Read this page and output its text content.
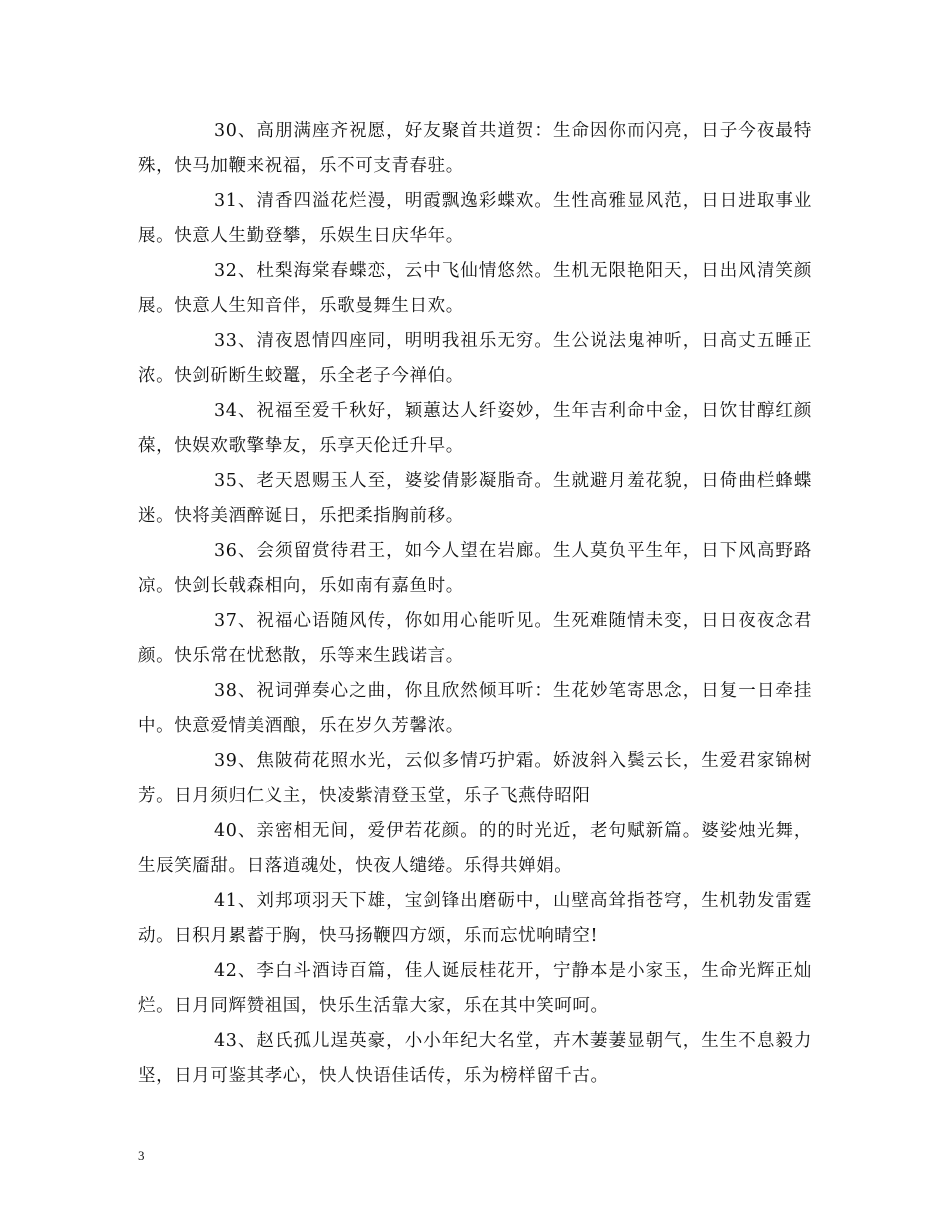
30、高朋满座齐祝愿，好友聚首共道贺：生命因你而闪亮，日子今夜最特殊，快马加鞭来祝福，乐不可支青春驻。

31、清香四溢花烂漫，明霞飘逸彩蝶欢。生性高雅显风范，日日进取事业展。快意人生勤登攀，乐娱生日庆华年。

32、杜梨海棠春蝶恋，云中飞仙情悠然。生机无限艳阳天，日出风清笑颜展。快意人生知音伴，乐歌曼舞生日欢。

33、清夜恩情四座同，明明我祖乐无穷。生公说法鬼神听，日高丈五睡正浓。快剑斫断生蛟鼍，乐全老子今禅伯。

34、祝福至爱千秋好，颖蕙达人纤姿妙，生年吉利命中金，日饮甘醇红颜葆，快娱欢歌擎挚友，乐享天伦迁升早。

35、老天恩赐玉人至，婆娑倩影凝脂奇。生就避月羞花貌，日倚曲栏蜂蝶迷。快将美酒醉诞日，乐把柔指胸前移。

36、会须留赏待君王，如今人望在岩廊。生人莫负平生年，日下风高野路凉。快剑长戟森相向，乐如南有嘉鱼时。

37、祝福心语随风传，你如用心能听见。生死难随情未变，日日夜夜念君颜。快乐常在忧愁散，乐等来生践诺言。

38、祝词弹奏心之曲，你且欣然倾耳听：生花妙笔寄思念，日复一日牵挂中。快意爱情美酒酿，乐在岁久芳馨浓。

39、焦陂荷花照水光，云似多情巧护霜。娇波斜入鬓云长，生爱君家锦树芳。日月须归仁义主，快凌紫清登玉堂，乐子飞燕侍昭阳

40、亲密相无间，爱伊若花颜。的的时光近，老句赋新篇。婆娑烛光舞，生辰笑靥甜。日落逍魂处，快夜人缱绻。乐得共婵娟。

41、刘邦项羽天下雄，宝剑锋出磨砺中，山壁高耸指苍穹，生机勃发雷霆动。日积月累蓄于胸，快马扬鞭四方颂，乐而忘忧响晴空!

42、李白斗酒诗百篇，佳人诞辰桂花开，宁静本是小家玉，生命光辉正灿烂。日月同辉赞祖国，快乐生活靠大家，乐在其中笑呵呵。

43、赵氏孤儿逞英豪，小小年纪大名堂，卉木萋萋显朝气，生生不息毅力坚，日月可鉴其孝心，快人快语佳话传，乐为榜样留千古。

3
